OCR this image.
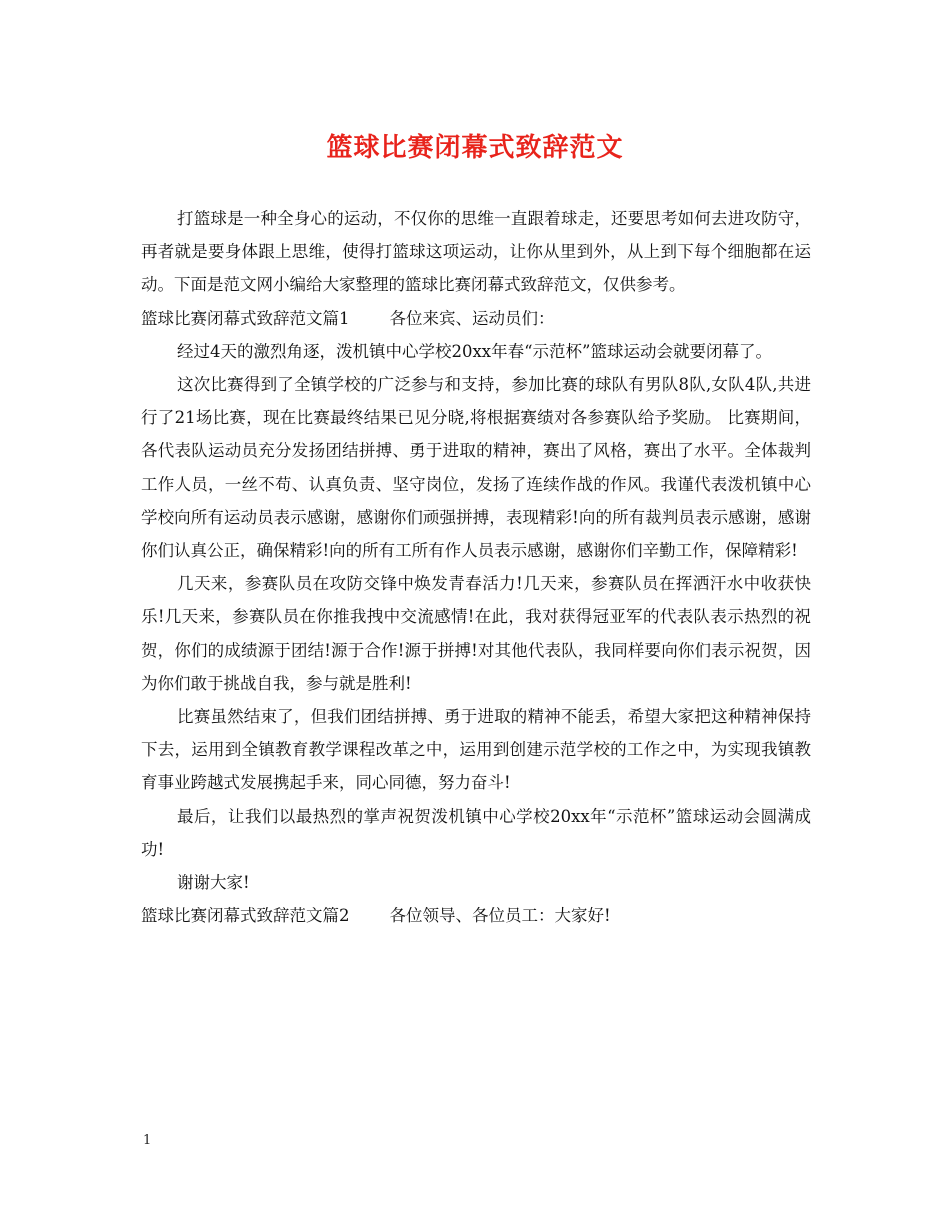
篮球比赛闭幕式致辞范文

打篮球是一种全身心的运动，不仅你的思维一直跟着球走，还要思考如何去进攻防守，再者就是要身体跟上思维，使得打篮球这项运动，让你从里到外，从上到下每个细胞都在运动。下面是范文网小编给大家整理的篮球比赛闭幕式致辞范文，仅供参考。

篮球比赛闭幕式致辞范文篇1 各位来宾、运动员们：

经过4天的激烈角逐，泼机镇中心学校20xx年春“示范杯”篮球运动会就要闭幕了。

这次比赛得到了全镇学校的广泛参与和支持，参加比赛的球队有男队8队,女队4队,共进行了21场比赛，现在比赛最终结果已见分晓,将根据赛绩对各参赛队给予奖励。 比赛期间，各代表队运动员充分发扬团结拼搏、勇于进取的精神，赛出了风格，赛出了水平。全体裁判工作人员，一丝不苟、认真负责、坚守岗位，发扬了连续作战的作风。我谨代表泼机镇中心学校向所有运动员表示感谢，感谢你们顽强拼搏，表现精彩!向的所有裁判员表示感谢，感谢你们认真公正，确保精彩!向的所有工所有作人员表示感谢，感谢你们辛勤工作，保障精彩!

几天来，参赛队员在攻防交锋中焕发青春活力!几天来，参赛队员在挥洒汗水中收获快乐!几天来，参赛队员在你推我拽中交流感情!在此，我对获得冠亚军的代表队表示热烈的祝贺，你们的成绩源于团结!源于合作!源于拼搏!对其他代表队，我同样要向你们表示祝贺，因为你们敢于挑战自我，参与就是胜利!

比赛虽然结束了，但我们团结拼搏、勇于进取的精神不能丢，希望大家把这种精神保持下去，运用到全镇教育教学课程改革之中，运用到创建示范学校的工作之中，为实现我镇教育事业跨越式发展携起手来，同心同德，努力奋斗!

最后，让我们以最热烈的掌声祝贺泼机镇中心学校20xx年“示范杯”篮球运动会圆满成功!

谢谢大家!

篮球比赛闭幕式致辞范文篇2 各位领导、各位员工：大家好!

1
